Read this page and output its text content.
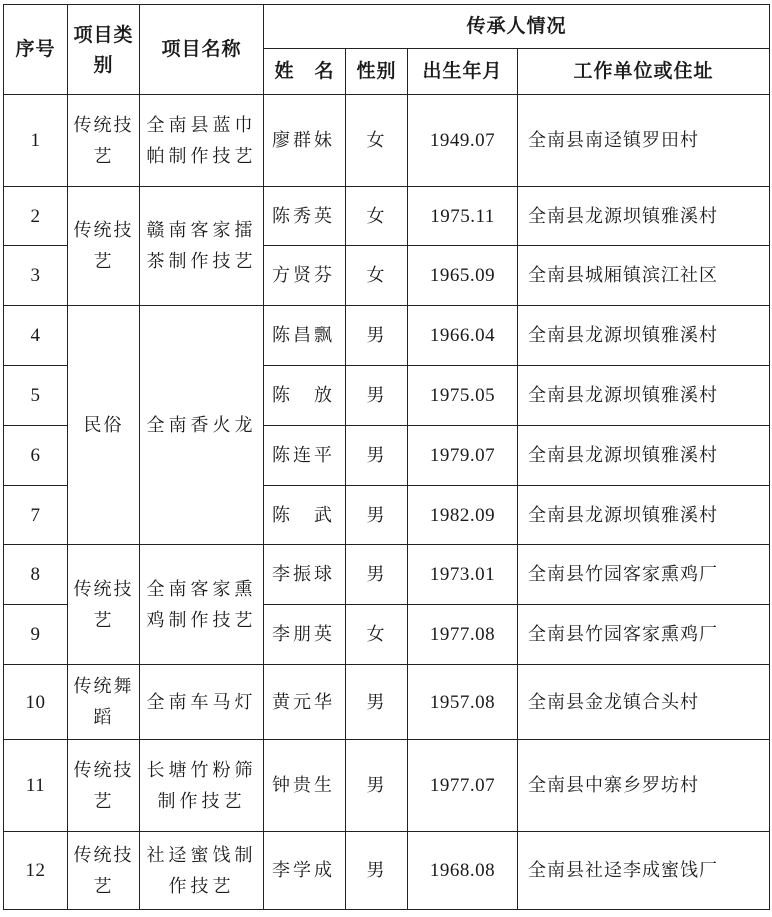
序号	项目类别	项目名称	传承人情况			
			姓　名	性别	出生年月	工作单位或住址
1	传统技艺	全南县蓝巾帕制作技艺	廖群妹	女	1949.07	全南县南迳镇罗田村
2	传统技艺	赣南客家擂茶制作技艺	陈秀英	女	1975.11	全南县龙源坝镇雅溪村
3			方贤芬	女	1965.09	全南县城厢镇滨江社区
4	民俗	全南香火龙	陈昌飘	男	1966.04	全南县龙源坝镇雅溪村
5			陈　放	男	1975.05	全南县龙源坝镇雅溪村
6			陈连平	男	1979.07	全南县龙源坝镇雅溪村
7			陈　武	男	1982.09	全南县龙源坝镇雅溪村
8	传统技艺	全南客家熏鸡制作技艺	李振球	男	1973.01	全南县竹园客家熏鸡厂
9			李朋英	女	1977.08	全南县竹园客家熏鸡厂
10	传统舞蹈	全南车马灯	黄元华	男	1957.08	全南县金龙镇合头村
11	传统技艺	长塘竹粉筛制作技艺	钟贵生	男	1977.07	全南县中寨乡罗坊村
12	传统技艺	社迳蜜饯制作技艺	李学成	男	1968.08	全南县社迳李成蜜饯厂
